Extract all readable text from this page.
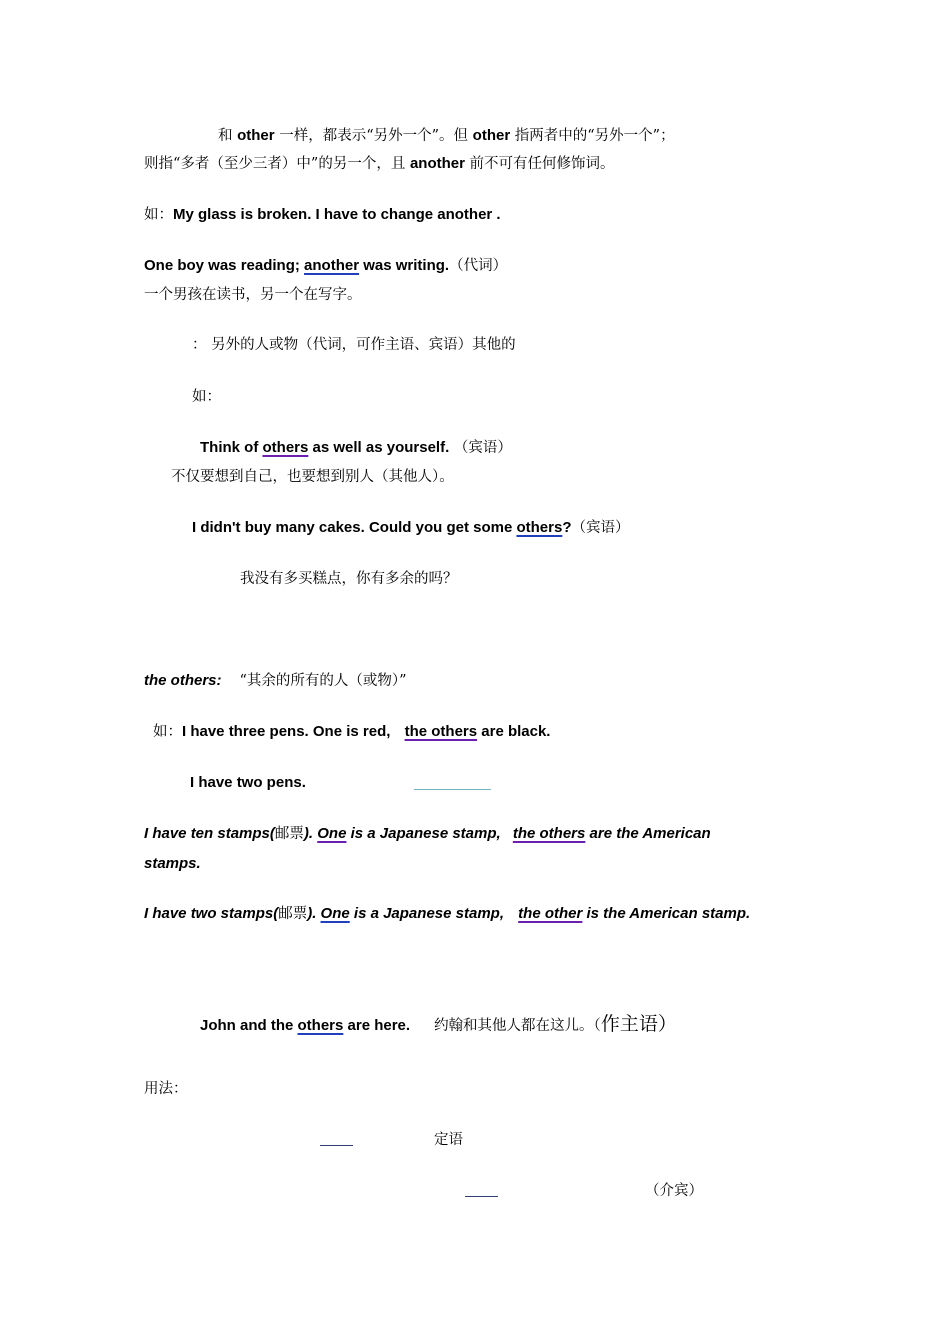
和 other 一样，都表示“另外一个”。但 other 指两者中的“另外一个”；
则指“多者（至少三者）中”的另一个，且 another 前不可有任何修饰词。
如：My glass is broken. I have to change another .
One boy was reading; another was writing.（代词）
一个男孩在读书，另一个在写字。
： 另外的人或物（代词，可作主语、宾语）其他的
如：
Think of others as well as yourself. （宾语）
不仅要想到自己，也要想到别人（其他人）。
I didn't buy many cakes. Could you get some others?（宾语）
我没有多买糕点，你有多余的吗？
the others: “其余的所有的人（或物）”
如：I have three pens. One is red, the others are black.
I have two pens.
I have ten stamps(邮票). One is a Japanese stamp, the others are the American
stamps.
I have two stamps(邮票). One is a Japanese stamp, the other is the American stamp.
John and the others are here. 约翰和其他人都在这儿。（作主语）
用法：
定语
（介宾）
